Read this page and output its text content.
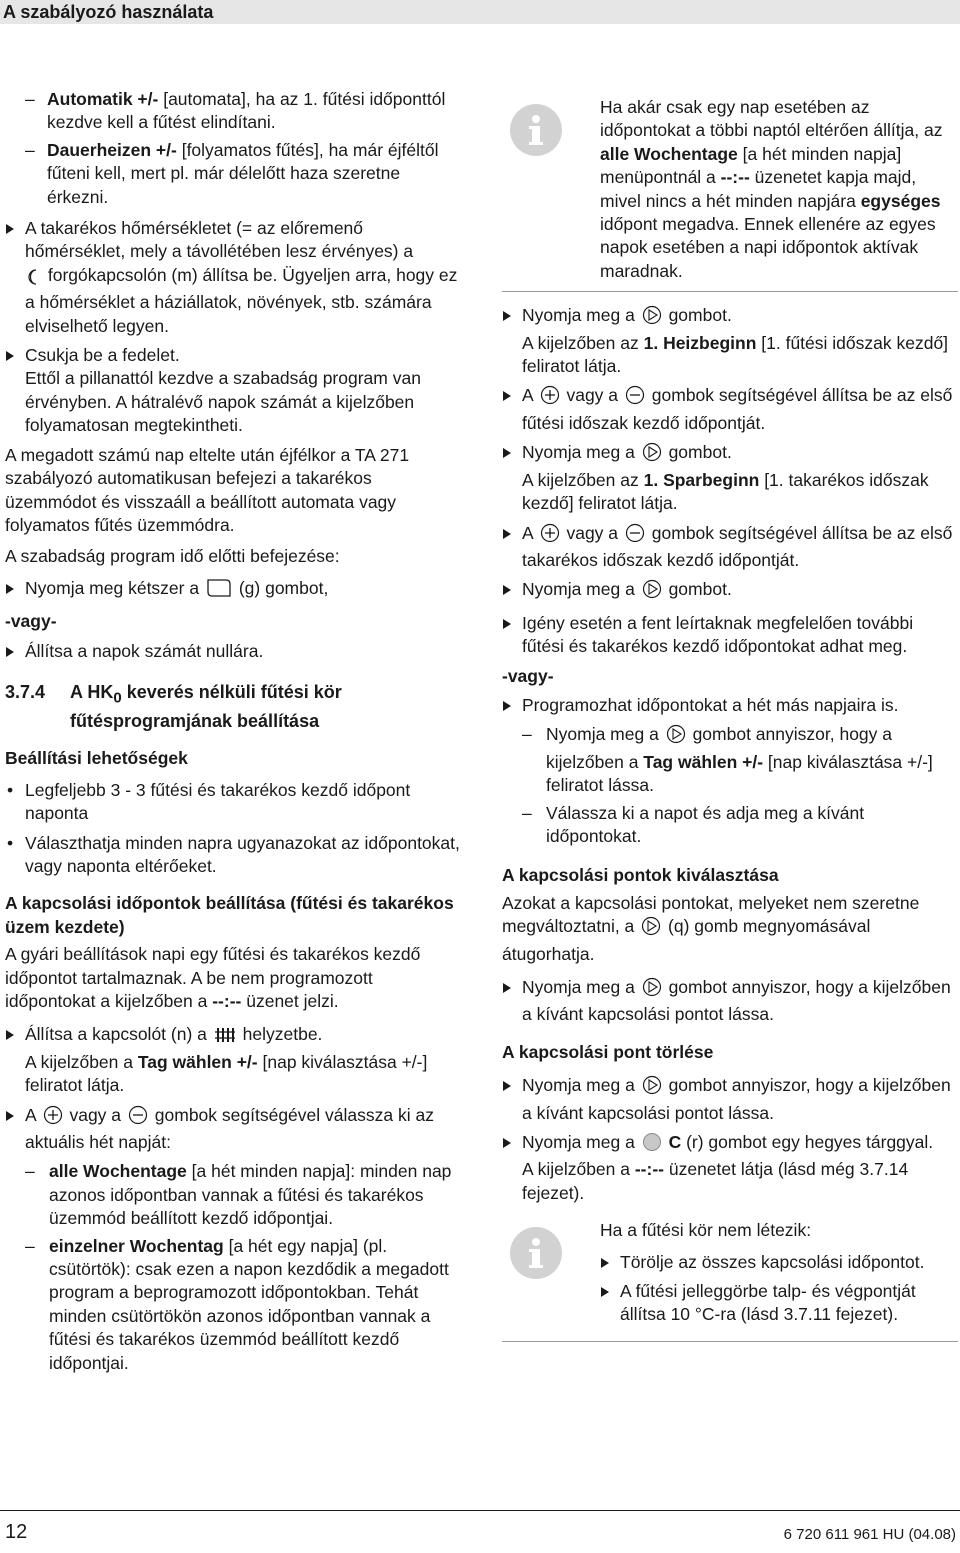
A szabályozó használata
– Automatik +/- [automata], ha az 1. fűtési időponttól kezdve kell a fűtést elindítani.
– Dauerheizen +/- [folyamatos fűtés], ha már éjféltől fűteni kell, mert pl. már délelőtt haza szeretne érkezni.
A takarékos hőmérsékletet (= az előremenő hőmérséklet, mely a távollétében lesz érvényes) a
forgókapcsolón (m) állítsa be. Ügyeljen arra, hogy ez a hőmérséklet a háziállatok, növények, stb. számára elviselhető legyen.
Csukja be a fedelet.
Ettől a pillanattól kezdve a szabadság program van érvényben. A hátralévő napok számát a kijelzőben folyamatosan megtekintheti.

A megadott számú nap eltelte után éjfélkor a TA 271 szabályozó automatikusan befejezi a takarékos üzemmódot és visszaáll a beállított automata vagy folyamatos fűtés üzemmódra.

A szabadság program idő előtti befejezése:

Nyomja meg kétszer a (g) gombot,
-vagy-
Állítsa a napok számát nullára.
3.7.4	A $HK_0$ keverés nélküli fűtési kör fűtésprogramjának beállítása
Beállítási lehetőségek
• Legfeljebb 3 - 3 fűtési és takarékos kezdő időpont naponta
• Választhatja minden napra ugyanazokat az időpontokat, vagy naponta eltérőeket.
A kapcsolási időpontok beállítása (fűtési és takarékos üzem kezdete)

A gyári beállítások napi egy fűtési és takarékos kezdő időpontot tartalmaznak. A be nem programozott időpontokat a kijelzőben a --:-- üzenet jelzi.

Állítsa a kapcsolót (n) a helyzetbe.
A kijelzőben a Tag wählen +/- [nap kiválasztása +/-] feliratot látja.
A vagy a gombok segítségével válassza ki az aktuális hét napját:
– alle Wochentage [a hét minden napja]: minden nap azonos időpontban vannak a fűtési és takarékos üzemmód beállított kezdő időpontjai.
– einzelner Wochentag [a hét egy napja] (pl. csütörtök): csak ezen a napon kezdődik a megadott program a beprogramozott időpontokban. Tehát minden csütörtökön azonos időpontban vannak a fűtési és takarékos üzemmód beállított kezdő időpontjai.

Ha akár csak egy nap esetében az időpontokat a többi naptól eltérően állítja, az alle Wochentage [a hét minden napja] menüpontnál a --:-- üzenetet kapja majd, mivel nincs a hét minden napjára egységes időpont megadva. Ennek ellenére az egyes napok esetében a napi időpontok aktívak maradnak.

Nyomja meg a gombot.
A kijelzőben az 1. Heizbeginn [1. fűtési időszak kezdő] feliratot látja.
A vagy a gombok segítségével állítsa be az első fűtési időszak kezdő időpontját.
Nyomja meg a gombot.
A kijelzőben az 1. Sparbeginn [1. takarékos időszak kezdő] feliratot látja.
A vagy a gombok segítségével állítsa be az első takarékos időszak kezdő időpontját.
Nyomja meg a gombot.
Igény esetén a fent leírtaknak megfelelően további fűtési és takarékos kezdő időpontokat adhat meg.
-vagy-
Programozhat időpontokat a hét más napjaira is.
– Nyomja meg a gombot annyiszor, hogy a kijelzőben a Tag wählen +/- [nap kiválasztása +/-] feliratot lássa.
– Válassza ki a napot és adja meg a kívánt időpontokat.
A kapcsolási pontok kiválasztása

Azokat a kapcsolási pontokat, melyeket nem szeretne megváltoztatni, a (q) gomb megnyomásával átugorhatja.

Nyomja meg a gombot annyiszor, hogy a kijelzőben a kívánt kapcsolási pontot lássa.
A kapcsolási pont törlése
Nyomja meg a gombot annyiszor, hogy a kijelzőben a kívánt kapcsolási pontot lássa.
Nyomja meg a C (r) gombot egy hegyes tárggyal.
A kijelzőben a --:-- üzenetet látja (lásd még 3.7.14 fejezet).

Ha a fűtési kör nem létezik:

Törölje az összes kapcsolási időpontot.
A fűtési jelleggörbe talp- és végpontját állítsa 10 °C-ra (lásd 3.7.11 fejezet).
12	6 720 611 961 HU (04.08)
